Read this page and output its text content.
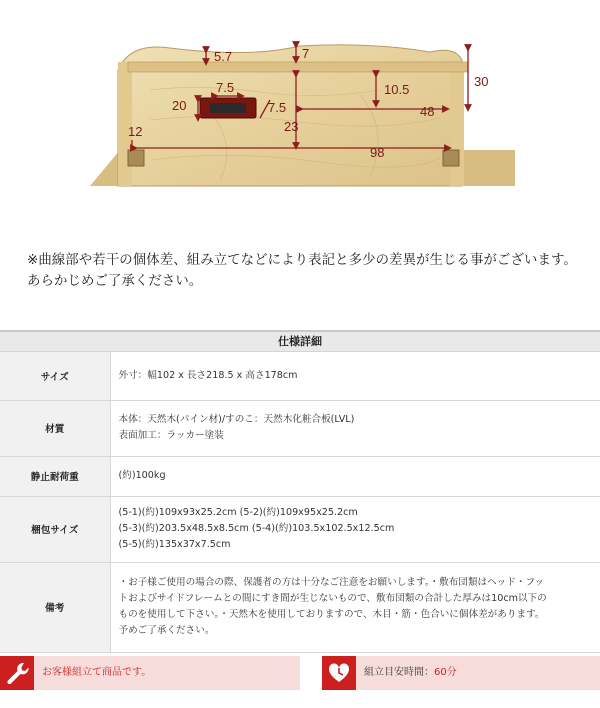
5.7	7
30
7.5
20	7.5
10.5
48
23
12
98
※曲線部や若干の個体差、組み立てなどにより表記と多少の差異が生じる事がございます。
あらかじめご了承ください。
仕様詳細
サイズ	外寸：幅102 x 長さ218.5 x 高さ178cm
材質	本体：天然木(パイン材)/すのこ：天然木化粧合板(LVL)
表面加工：ラッカー塗装

静止耐荷重	(約)100kg
梱包サイズ	(5-1)(約)109x93x25.2cm (5-2)(約)109x95x25.2cm
(5-3)(約)203.5x48.5x8.5cm (5-4)(約)103.5x102.5x12.5cm
(5-5)(約)135x37x7.5cm

備考	・お子様ご使用の場合の際、保護者の方は十分なご注意をお願いします。・敷布団類はヘッド・フッ
トおよびサイドフレームとの間にすき間が生じないもので、敷布団類の合計した厚みは10cm以下の
ものを使用して下さい。・天然木を使用しておりますので、木目・筋・色合いに個体差があります。
予めご了承ください。
お客様組立て商品です。	組立目安時間：60分
